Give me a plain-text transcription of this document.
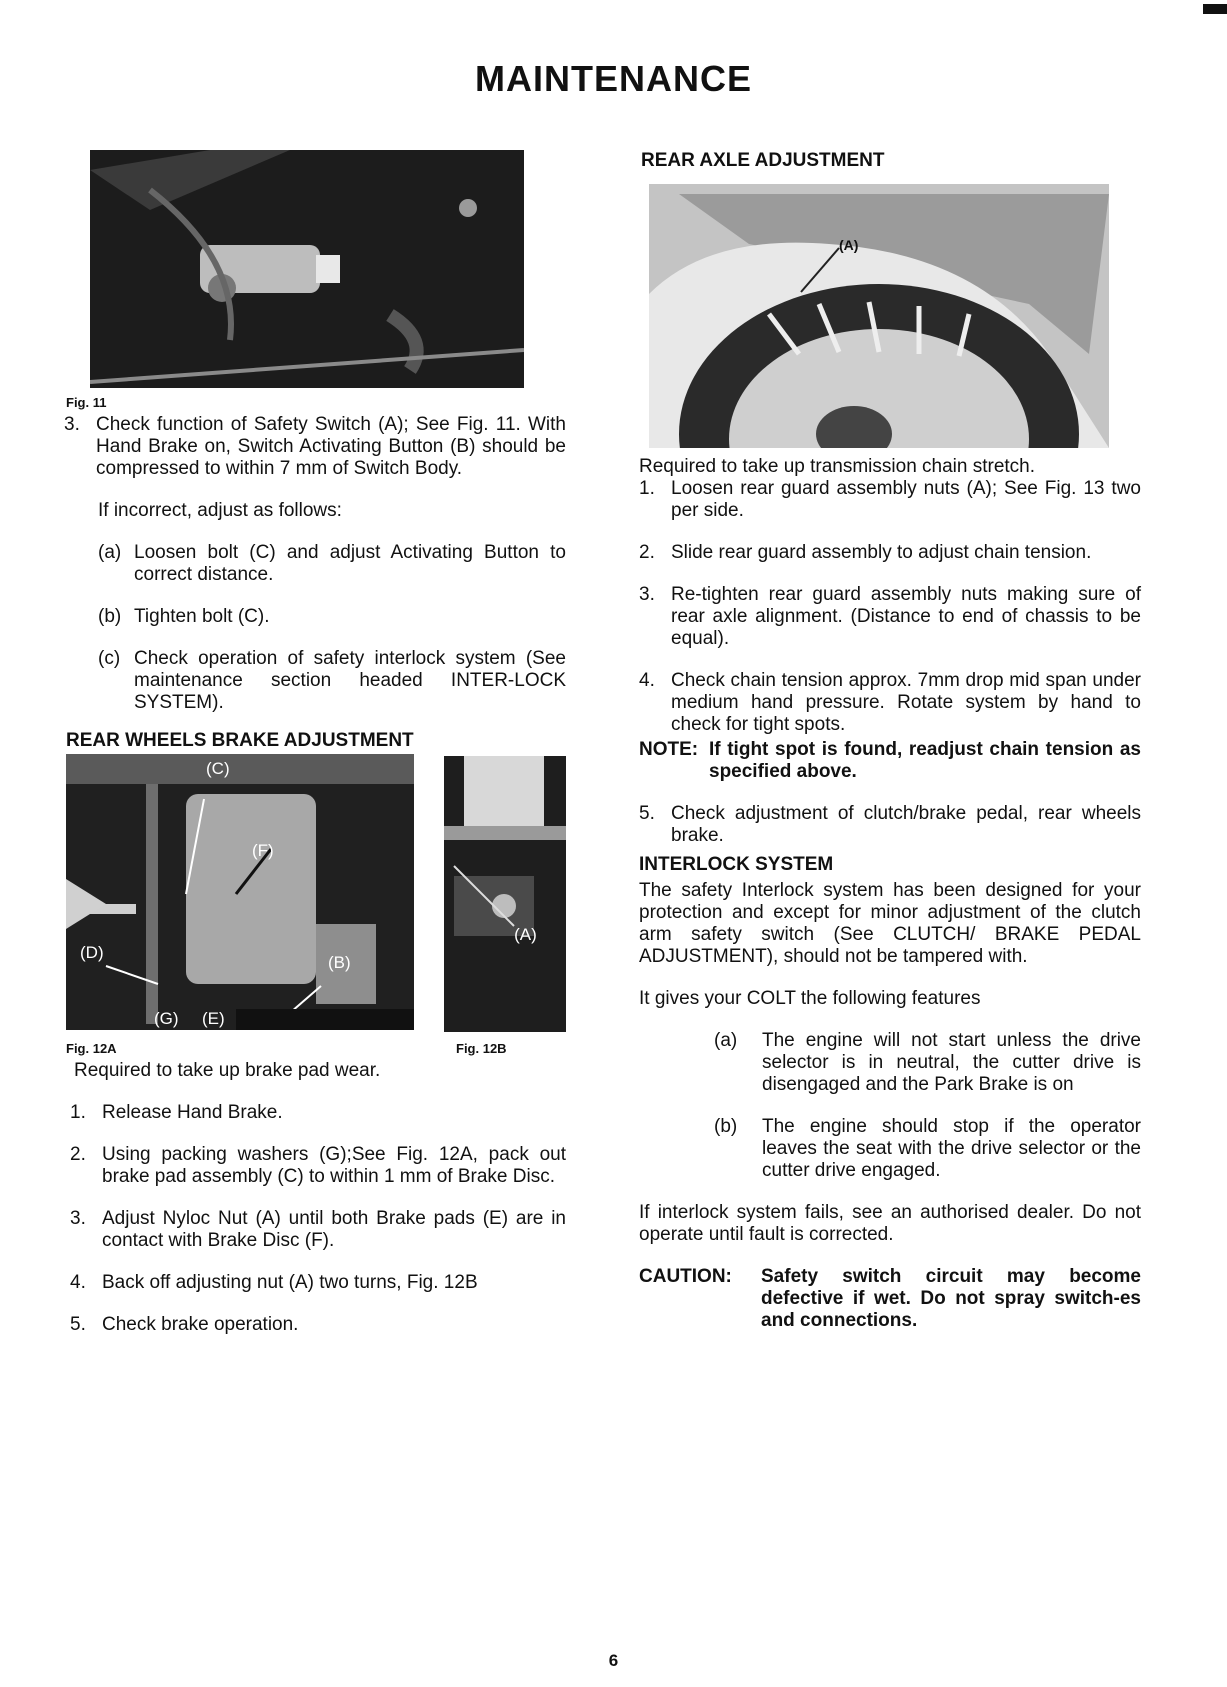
MAINTENANCE
Fig. 11
3. Check function of Safety Switch (A); See Fig. 11. With Hand Brake on, Switch Activating Button (B) should be compressed to within 7 mm of Switch Body.

If incorrect, adjust as follows:

(a) Loosen bolt (C) and adjust Activating Button to correct distance.

(b) Tighten bolt (C).

(c) Check operation of safety interlock system (See maintenance section headed INTER-LOCK SYSTEM).

REAR WHEELS BRAKE ADJUSTMENT
(C)
(F)
(D)
(B)
(G) (E)
(A)
Fig. 12A	Fig. 12B

Required to take up brake pad wear.

1. Release Hand Brake.

2. Using packing washers (G);See Fig. 12A, pack out brake pad assembly (C) to within 1 mm of Brake Disc.

3. Adjust Nyloc Nut (A) until both Brake pads (E) are in contact with Brake Disc (F).

4. Back off adjusting nut (A) two turns, Fig. 12B

5. Check brake operation.

REAR AXLE ADJUSTMENT
(A)

Required to take up transmission chain stretch.

1. Loosen rear guard assembly nuts (A); See Fig. 13 two per side.

2. Slide rear guard assembly to adjust chain tension.

3. Re-tighten rear guard assembly nuts making sure of rear axle alignment. (Distance to end of chassis to be equal).

4. Check chain tension approx. 7mm drop mid span under medium hand pressure. Rotate system by hand to check for tight spots.

NOTE: If tight spot is found, readjust chain tension as specified above.

5. Check adjustment of clutch/brake pedal, rear wheels brake.

INTERLOCK SYSTEM

The safety Interlock system has been designed for your protection and except for minor adjustment of the clutch arm safety switch (See CLUTCH/ BRAKE PEDAL ADJUSTMENT), should not be tampered with.

It gives your COLT the following features

(a)	The engine will not start unless the drive selector is in neutral, the cutter drive is disengaged and the Park Brake is on

(b)	The engine should stop if the operator leaves the seat with the drive selector or the cutter drive engaged.

If interlock system fails, see an authorised dealer. Do not operate until fault is corrected.

CAUTION:	Safety switch circuit may become defective if wet. Do not spray switch-es and connections.

6
